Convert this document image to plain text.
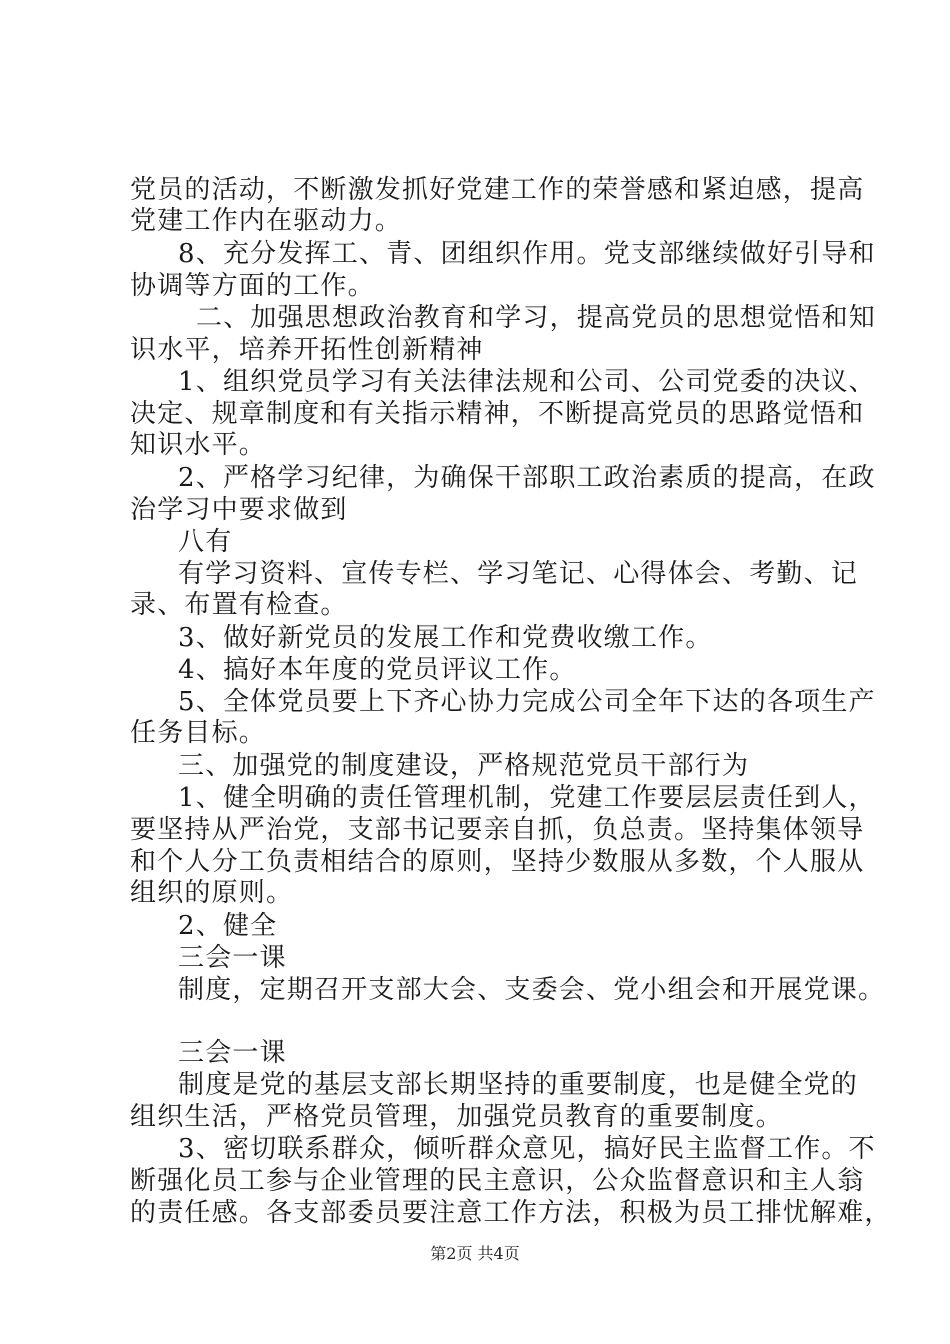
党员的活动，不断激发抓好党建工作的荣誉感和紧迫感，提高
党建工作内在驱动力。
8、充分发挥工、青、团组织作用。党支部继续做好引导和
协调等方面的工作。
二、加强思想政治教育和学习，提高党员的思想觉悟和知
识水平，培养开拓性创新精神
1、组织党员学习有关法律法规和公司、公司党委的决议、
决定、规章制度和有关指示精神，不断提高党员的思路觉悟和
知识水平。
2、严格学习纪律，为确保干部职工政治素质的提高，在政
治学习中要求做到
八有
有学习资料、宣传专栏、学习笔记、心得体会、考勤、记
录、布置有检查。
3、做好新党员的发展工作和党费收缴工作。
4、搞好本年度的党员评议工作。
5、全体党员要上下齐心协力完成公司全年下达的各项生产
任务目标。
三、加强党的制度建设，严格规范党员干部行为
1、健全明确的责任管理机制，党建工作要层层责任到人，
要坚持从严治党，支部书记要亲自抓，负总责。坚持集体领导
和个人分工负责相结合的原则，坚持少数服从多数，个人服从
组织的原则。
2、健全
三会一课
制度，定期召开支部大会、支委会、党小组会和开展党课。
三会一课
制度是党的基层支部长期坚持的重要制度，也是健全党的
组织生活，严格党员管理，加强党员教育的重要制度。
3、密切联系群众，倾听群众意见，搞好民主监督工作。不
断强化员工参与企业管理的民主意识，公众监督意识和主人翁
的责任感。各支部委员要注意工作方法，积极为员工排忧解难，
第2页 共4页
